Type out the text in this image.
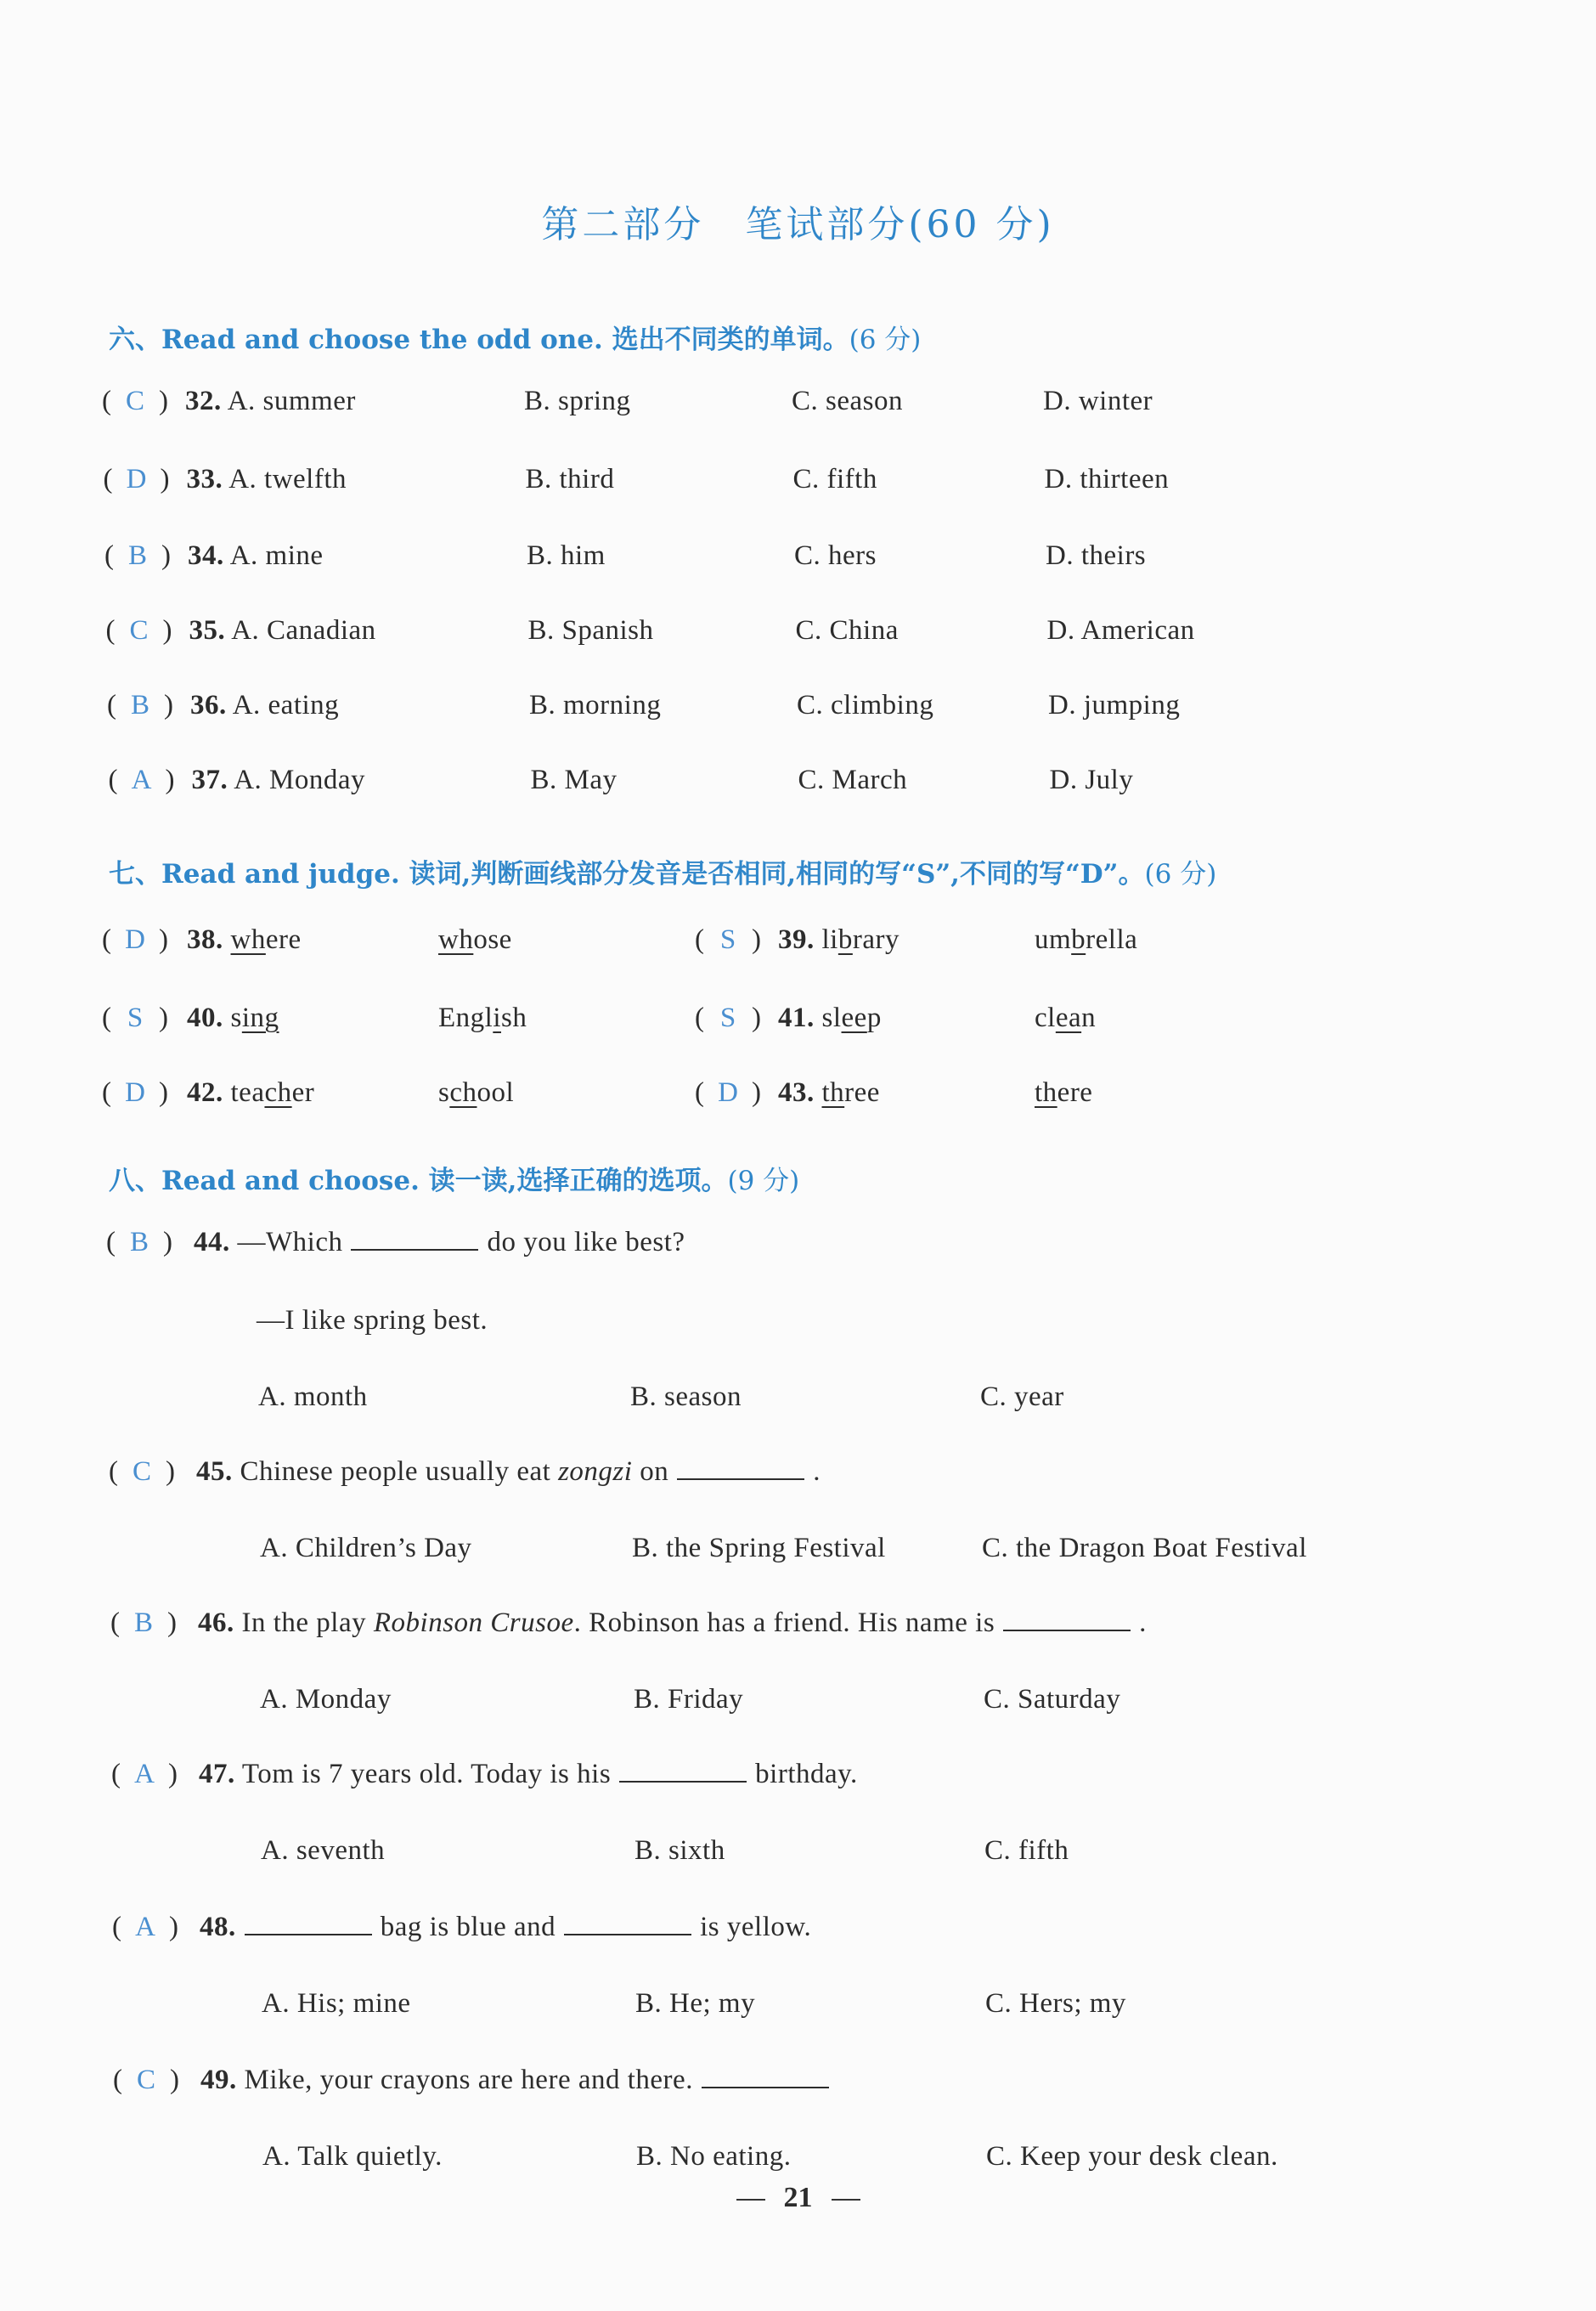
第二部分　笔试部分(60 分)
六、Read and choose the odd one. 选出不同类的单词。(6 分)
( C ) 32. A. summer	B. spring	C. season	D. winter
( D ) 33. A. twelfth	B. third	C. fifth	D. thirteen
( B ) 34. A. mine	B. him	C. hers	D. theirs
( C ) 35. A. Canadian	B. Spanish	C. China	D. American
( B ) 36. A. eating	B. morning	C. climbing	D. jumping
( A ) 37. A. Monday	B. May	C. March	D. July
七、Read and judge. 读词,判断画线部分发音是否相同,相同的写“S”,不同的写“D”。(6 分)
( D ) 38. where	whose	( S ) 39. library	umbrella
( S ) 40. sing	English	( S ) 41. sleep	clean
( D ) 42. teacher	school	( D ) 43. three	there
八、Read and choose. 读一读,选择正确的选项。(9 分)
( B ) 44. —Which	do you like best?
—I like spring best.
A. month	B. season	C. year
( C ) 45. Chinese people usually eat zongzi on	.
A. Children’s Day	B. the Spring Festival	C. the Dragon Boat Festival
( B ) 46. In the play Robinson Crusoe. Robinson has a friend. His name is	.
A. Monday	B. Friday	C. Saturday
( A ) 47. Tom is 7 years old. Today is his	birthday.
A. seventh	B. sixth	C. fifth
( A ) 48.	bag is blue and	is yellow.
A. His; mine	B. He; my	C. Hers; my
( C ) 49. Mike, your crayons are here and there.
A. Talk quietly.	B. No eating.	C. Keep your desk clean.
21
